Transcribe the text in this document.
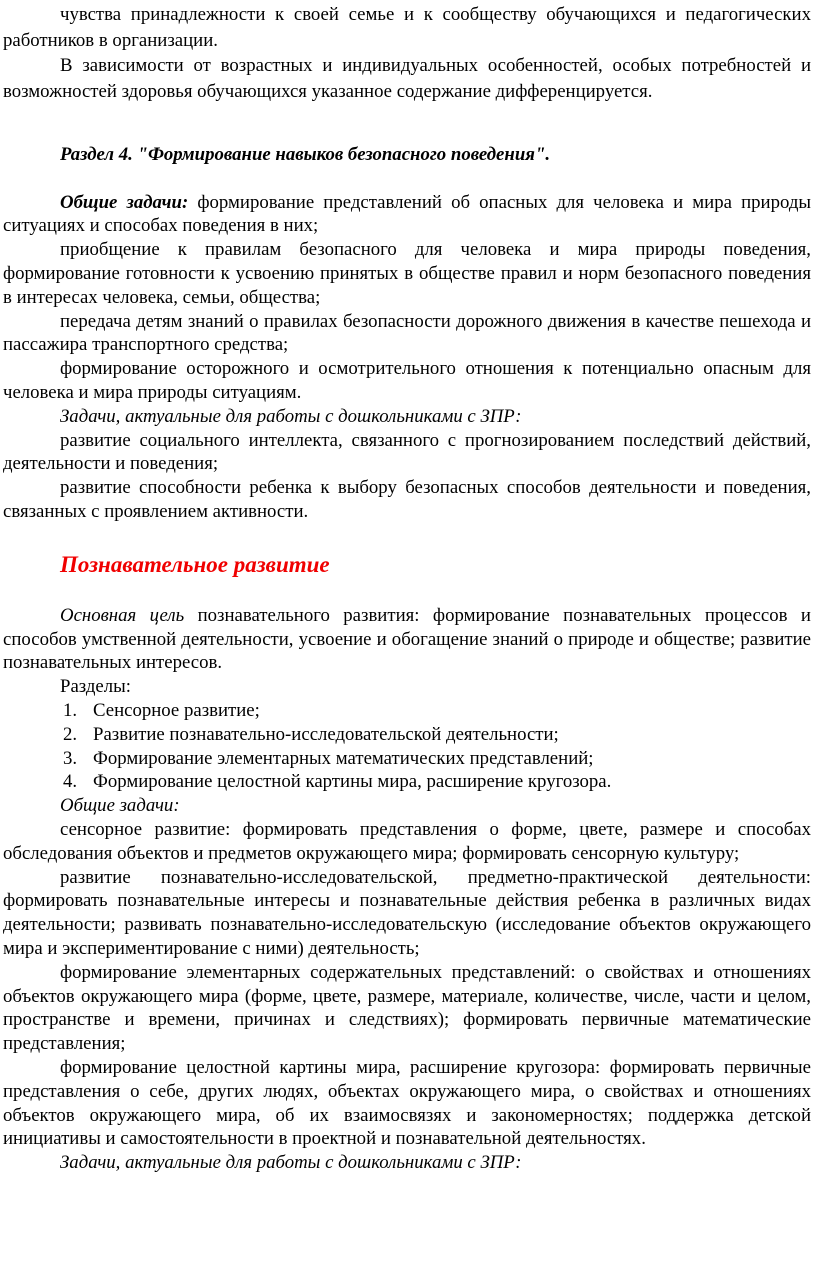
чувства принадлежности к своей семье и к сообществу обучающихся и педагогических работников в организации.

В зависимости от возрастных и индивидуальных особенностей, особых потребностей и возможностей здоровья обучающихся указанное содержание дифференцируется.

Раздел 4. "Формирование навыков безопасного поведения".

Общие задачи: формирование представлений об опасных для человека и мира природы ситуациях и способах поведения в них;

приобщение к правилам безопасного для человека и мира природы поведения, формирование готовности к усвоению принятых в обществе правил и норм безопасного поведения в интересах человека, семьи, общества;

передача детям знаний о правилах безопасности дорожного движения в качестве пешехода и пассажира транспортного средства;

формирование осторожного и осмотрительного отношения к потенциально опасным для человека и мира природы ситуациям.

Задачи, актуальные для работы с дошкольниками с ЗПР:

развитие социального интеллекта, связанного с прогнозированием последствий действий, деятельности и поведения;

развитие способности ребенка к выбору безопасных способов деятельности и поведения, связанных с проявлением активности.

Познавательное развитие

Основная цель познавательного развития: формирование познавательных процессов и способов умственной деятельности, усвоение и обогащение знаний о природе и обществе; развитие познавательных интересов.

Разделы:

1. Сенсорное развитие;
2. Развитие познавательно-исследовательской деятельности;
3. Формирование элементарных математических представлений;
4. Формирование целостной картины мира, расширение кругозора.

Общие задачи:

сенсорное развитие: формировать представления о форме, цвете, размере и способах обследования объектов и предметов окружающего мира; формировать сенсорную культуру;

развитие познавательно-исследовательской, предметно-практической деятельности: формировать познавательные интересы и познавательные действия ребенка в различных видах деятельности; развивать познавательно-исследовательскую (исследование объектов окружающего мира и экспериментирование с ними) деятельность;

формирование элементарных содержательных представлений: о свойствах и отношениях объектов окружающего мира (форме, цвете, размере, материале, количестве, числе, части и целом, пространстве и времени, причинах и следствиях); формировать первичные математические представления;

формирование целостной картины мира, расширение кругозора: формировать первичные представления о себе, других людях, объектах окружающего мира, о свойствах и отношениях объектов окружающего мира, об их взаимосвязях и закономерностях; поддержка детской инициативы и самостоятельности в проектной и познавательной деятельностях.

Задачи, актуальные для работы с дошкольниками с ЗПР:
